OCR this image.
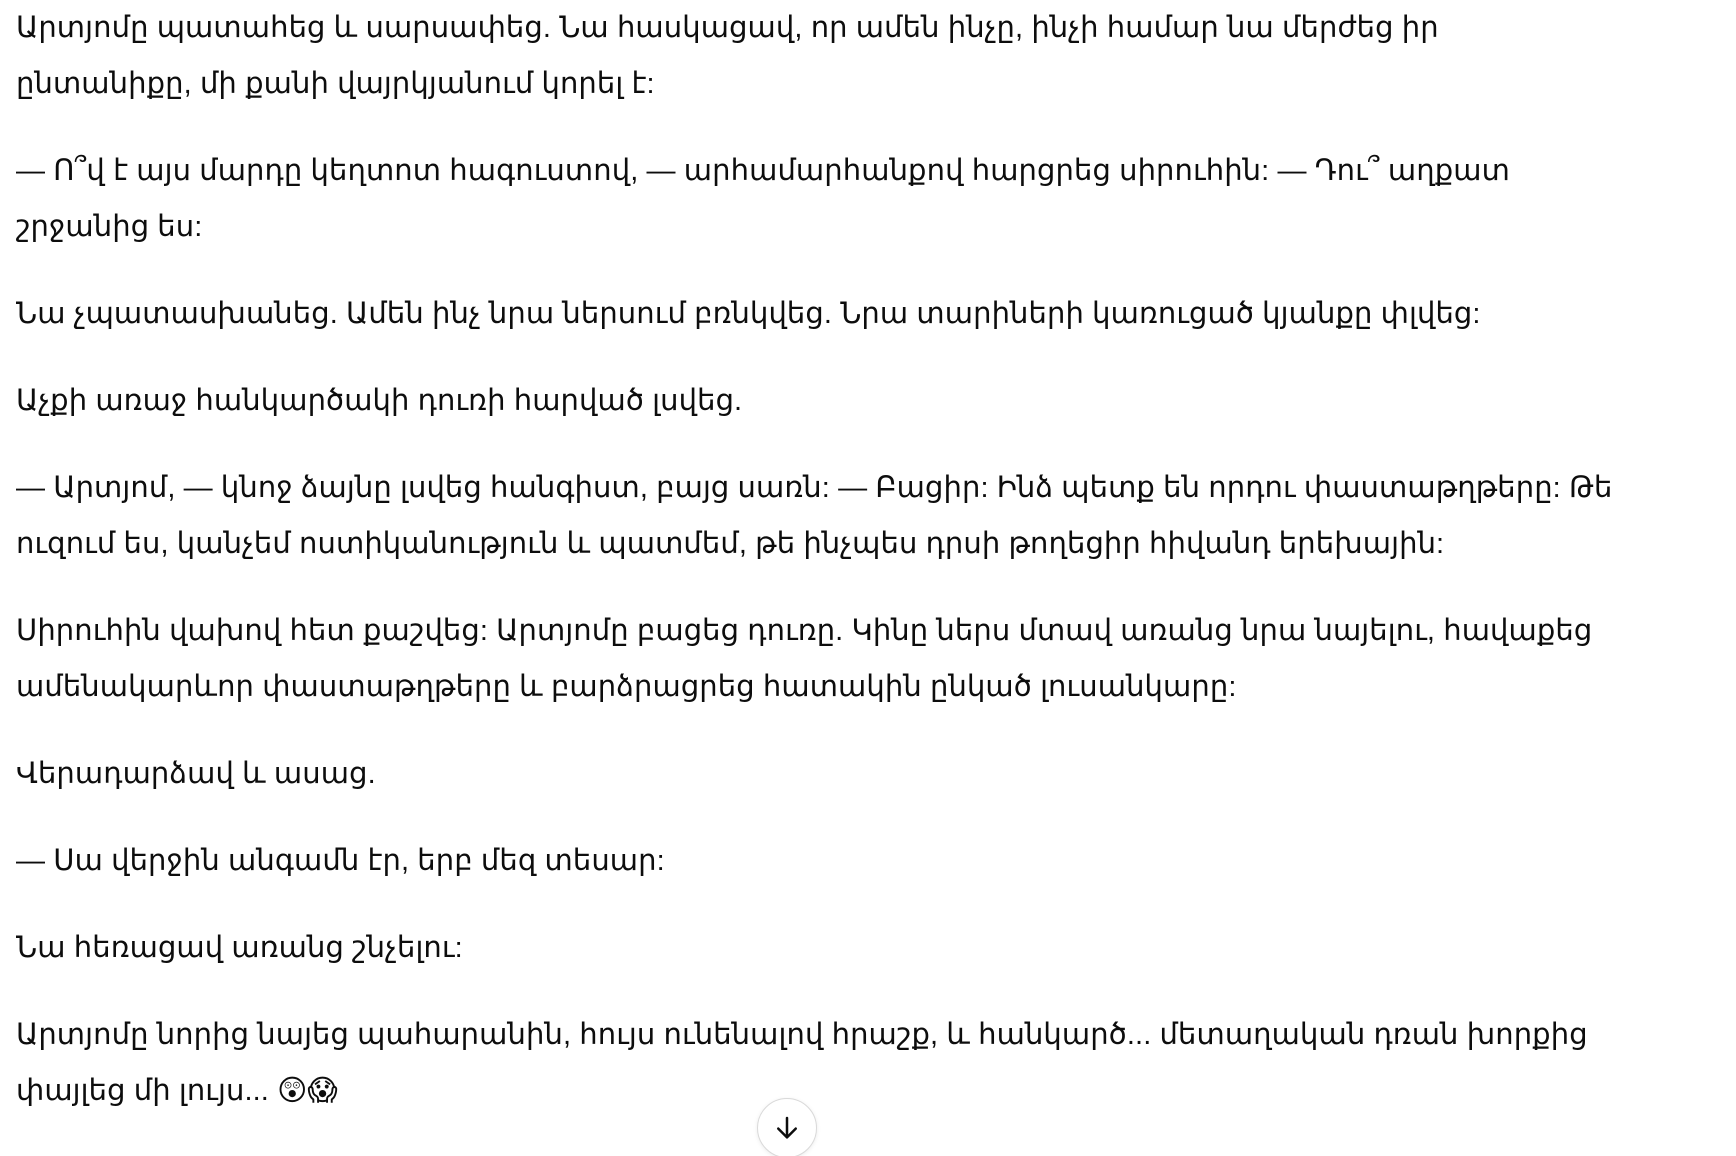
Արտյոմը պատահեց և սարսափեց. Նա հասկացավ, որ ամեն ինչը, ինչի համար նա մերժեց իր ընտանիքը, մի քանի վայրկյանում կորել է:

— Ո՞վ է այս մարդը կեղտոտ հագուստով, — արհամարհանքով հարցրեց սիրուհին: — Դու՞ աղքատ շրջանից ես:

Նա չպատասխանեց. Ամեն ինչ նրա ներսում բռնկվեց. Նրա տարիների կառուցած կյանքը փլվեց:

Աչքի առաջ հանկարծակի դուռի հարված լսվեց.

— Արտյոմ, — կնոջ ձայնը լսվեց հանգիստ, բայց սառն: — Բացիր: Ինձ պետք են որդու փաստաթղթերը: Թե ուզում ես, կանչեմ ոստիկանություն և պատմեմ, թե ինչպես դրսի թողեցիր հիվանդ երեխային:

Սիրուհին վախով հետ քաշվեց: Արտյոմը բացեց դուռը. Կինը ներս մտավ առանց նրա նայելու, հավաքեց ամենակարևոր փաստաթղթերը և բարձրացրեց հատակին ընկած լուսանկարը:

Վերադարձավ և ասաց.

— Սա վերջին անգամն էր, երբ մեզ տեսար:

Նա հեռացավ առանց շնչելու:

Արտյոմը նորից նայեց պահարանին, հույս ունենալով հրաշք, և հանկարծ... մետաղական դռան խորքից փայլեց մի լույս... 😲😱
